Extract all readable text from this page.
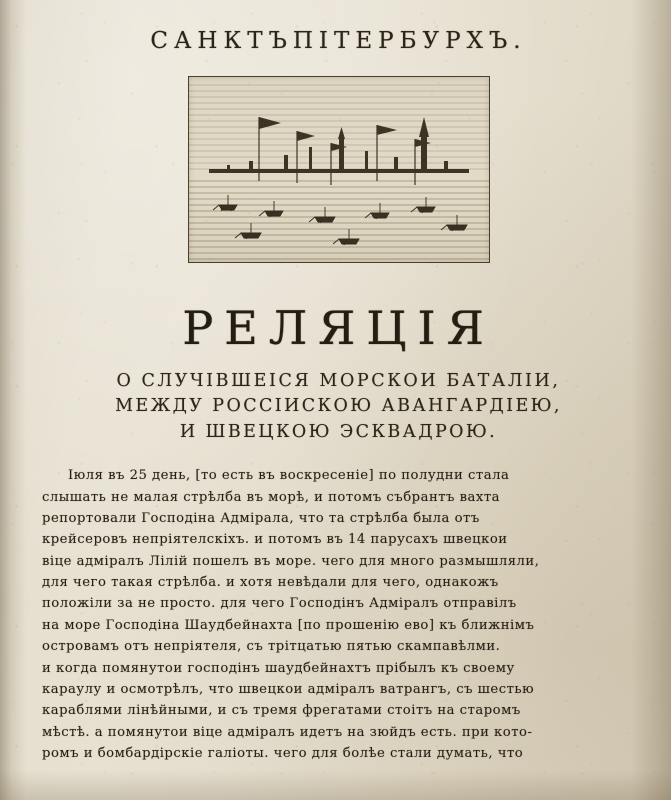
САНКТЪПІТЕРБУРХЪ.
РЕЛЯЦІЯ
О СЛУЧІВШЕІСЯ МОРСКОИ БАТАЛІИ,
МЕЖДУ РОССІИСКОЮ АВАНГАРДІЕЮ,
И ШВЕЦКОЮ ЭСКВАДРОЮ.

Іюля въ 25 день, [то есть въ воскресеніе] по полудни стала
слышать не малая стрѣлба въ морѣ, и потомъ събрантъ вахта
репортовали Господіна Адмірала, что та стрѣлба была отъ
крейсеровъ непріятелскіхъ. и потомъ въ 14 парусахъ швецкои
віце адміралъ Лілій пошелъ въ море. чего для много размышляли,
для чего такая стрѣлба. и хотя невѣдали для чего, однакожъ
положіли за не просто. для чего Господінъ Адміралъ отправілъ
на море Господіна Шаудбейнахта [по прошенію ево] къ ближнімъ
островамъ отъ непріятеля, съ трітцатью пятью скампавѣлми.
и когда помянутои господінъ шаудбейнахтъ прібылъ къ своему
караулу и осмотрѣлъ, что швецкои адміралъ ватрангъ, съ шестью
караблями лінѣйными, и съ тремя фрегатами стоітъ на старомъ
мѣстѣ. а помянутои віце адміралъ идетъ на зюйдъ есть. при кото-
ромъ и бомбардірскіе галіоты. чего для болѣе стали думать, что
